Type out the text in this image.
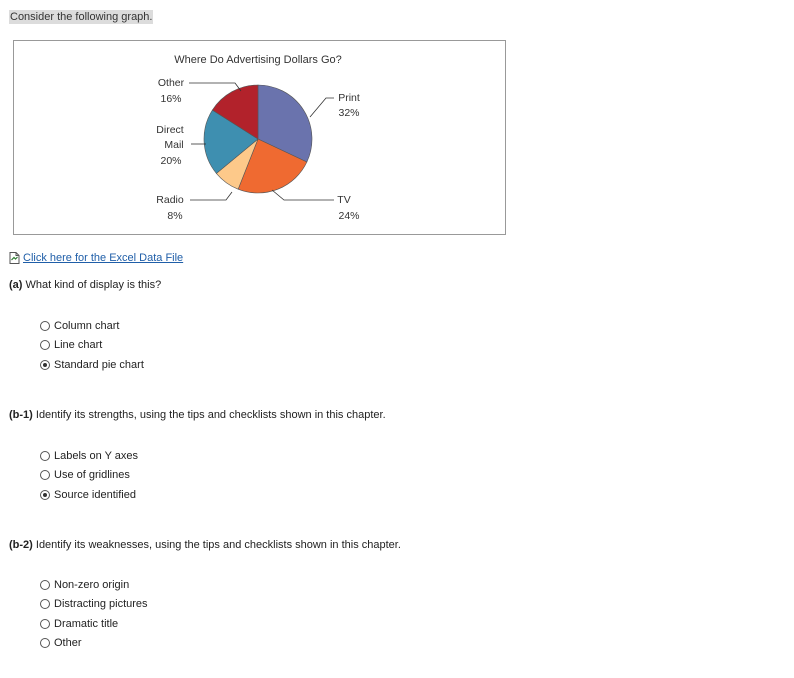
Consider the following graph.
Where Do Advertising Dollars Go?
Other
16%
Direct
Mail
20%
Radio
8%
Print
32%
TV
24%
Click here for the Excel Data File
(a) What kind of display is this?
Column chart
Line chart
Standard pie chart
(b-1) Identify its strengths, using the tips and checklists shown in this chapter.
Labels on Y axes
Use of gridlines
Source identified
(b-2) Identify its weaknesses, using the tips and checklists shown in this chapter.
Non-zero origin
Distracting pictures
Dramatic title
Other
